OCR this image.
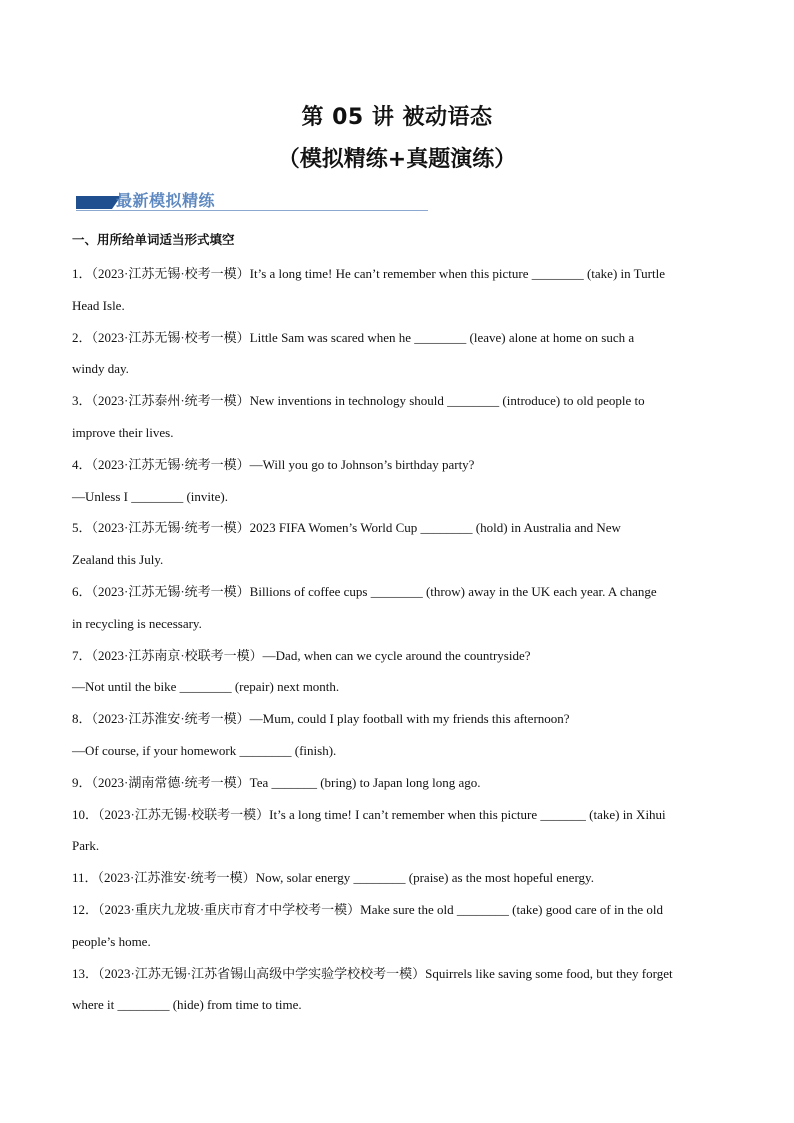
第 05 讲 被动语态
（模拟精练+真题演练）
最新模拟精练
一、用所给单词适当形式填空
1．（2023·江苏无锡·校考一模）It’s a long time! He can’t remember when this picture ________ (take) in Turtle
Head Isle.
2．（2023·江苏无锡·校考一模）Little Sam was scared when he ________ (leave) alone at home on such a
windy day.
3．（2023·江苏泰州·统考一模）New inventions in technology should ________ (introduce) to old people to
improve their lives.
4．（2023·江苏无锡·统考一模）—Will you go to Johnson’s birthday party?
—Unless I ________ (invite).
5．（2023·江苏无锡·统考一模）2023 FIFA Women’s World Cup ________ (hold) in Australia and New
Zealand this July.
6．（2023·江苏无锡·统考一模）Billions of coffee cups ________ (throw) away in the UK each year. A change
in recycling is necessary.
7．（2023·江苏南京·校联考一模）—Dad, when can we cycle around the countryside?
—Not until the bike ________ (repair) next month.
8．（2023·江苏淮安·统考一模）—Mum, could I play football with my friends this afternoon?
—Of course, if your homework ________ (finish).
9．（2023·湖南常德·统考一模）Tea _______ (bring) to Japan long long ago.
10．（2023·江苏无锡·校联考一模）It’s a long time! I can’t remember when this picture _______ (take) in Xihui
Park.
11．（2023·江苏淮安·统考一模）Now, solar energy ________ (praise) as the most hopeful energy.
12．（2023·重庆九龙坡·重庆市育才中学校考一模）Make sure the old ________ (take) good care of in the old
people’s home.
13．（2023·江苏无锡·江苏省锡山高级中学实验学校校考一模）Squirrels like saving some food, but they forget
where it ________ (hide) from time to time.
